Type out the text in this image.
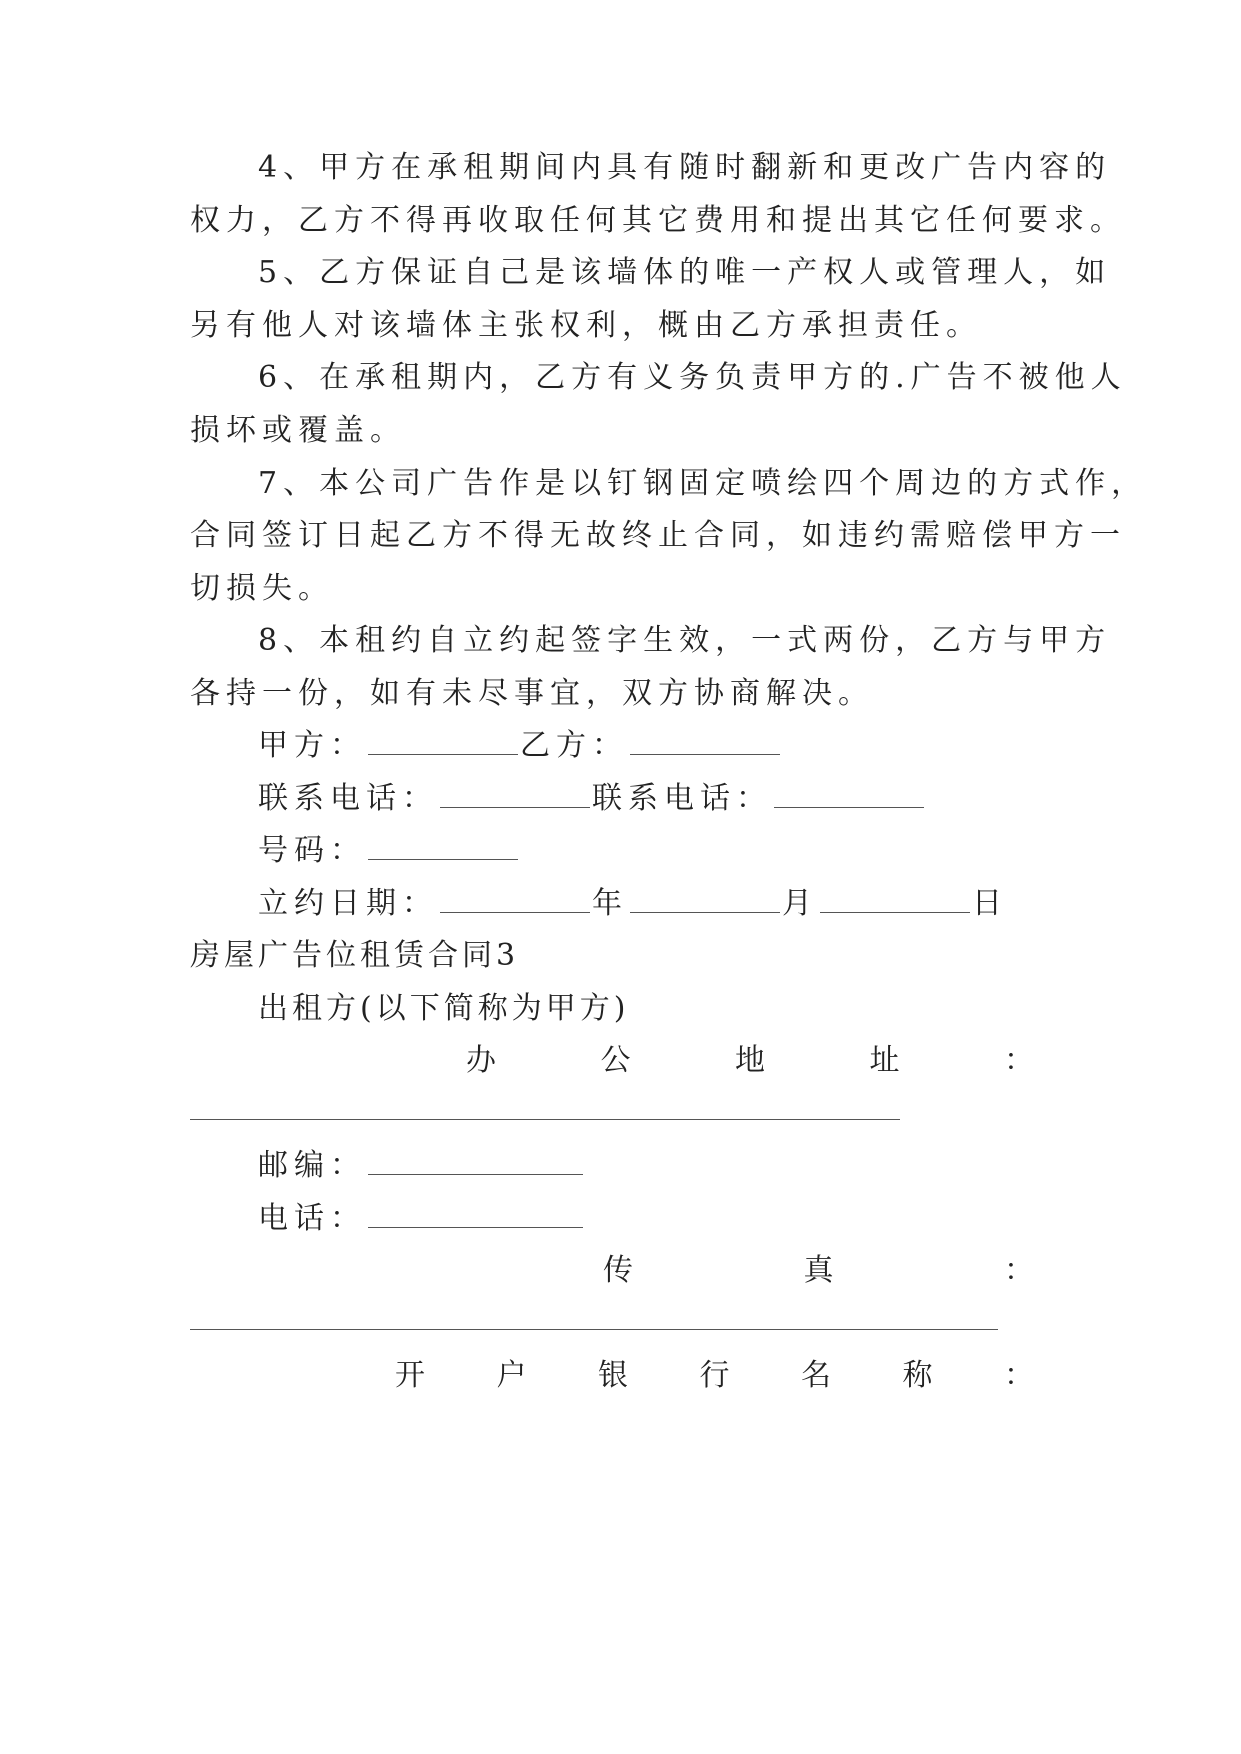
4、甲方在承租期间内具有随时翻新和更改广告内容的
权力，乙方不得再收取任何其它费用和提出其它任何要求。
5、乙方保证自己是该墙体的唯一产权人或管理人，如
另有他人对该墙体主张权利，概由乙方承担责任。
6、在承租期内，乙方有义务负责甲方的.广告不被他人
损坏或覆盖。
7、本公司广告作是以钉钢固定喷绘四个周边的方式作，
合同签订日起乙方不得无故终止合同，如违约需赔偿甲方一
切损失。
8、本租约自立约起签字生效，一式两份，乙方与甲方
各持一份，如有未尽事宜，双方协商解决。
甲方：	乙方：
联系电话：	联系电话：
号码：
立约日期：	年	月	日
房屋广告位租赁合同3
出租方(以下简称为甲方)
办	公	地	址	：
邮编：
电话：
传	真	：
开 户 银 行 名 称 ：
